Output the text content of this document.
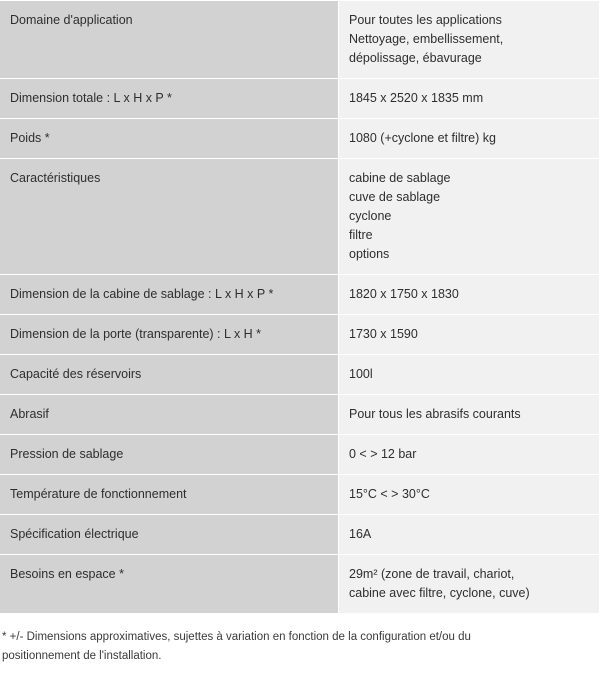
Domaine d'application	Pour toutes les applications
Nettoyage, embellissement,
dépolissage, ébavurage

Dimension totale : L x H x P *	1845 x 2520 x 1835 mm

Poids *	1080 (+cyclone et filtre) kg

Caractéristiques	cabine de sablage
cuve de sablage
cyclone
filtre
options

Dimension de la cabine de sablage : L x H x P *	1820 x 1750 x 1830

Dimension de la porte (transparente) : L x H *	1730 x 1590

Capacité des réservoirs	100l

Abrasif	Pour tous les abrasifs courants

Pression de sablage	0 < > 12 bar

Température de fonctionnement	15°C < > 30°C

Spécification électrique	16A

Besoins en espace *	29m² (zone de travail, chariot,
cabine avec filtre, cyclone, cuve)
* +/- Dimensions approximatives, sujettes à variation en fonction de la configuration et/ou du
positionnement de l'installation.
